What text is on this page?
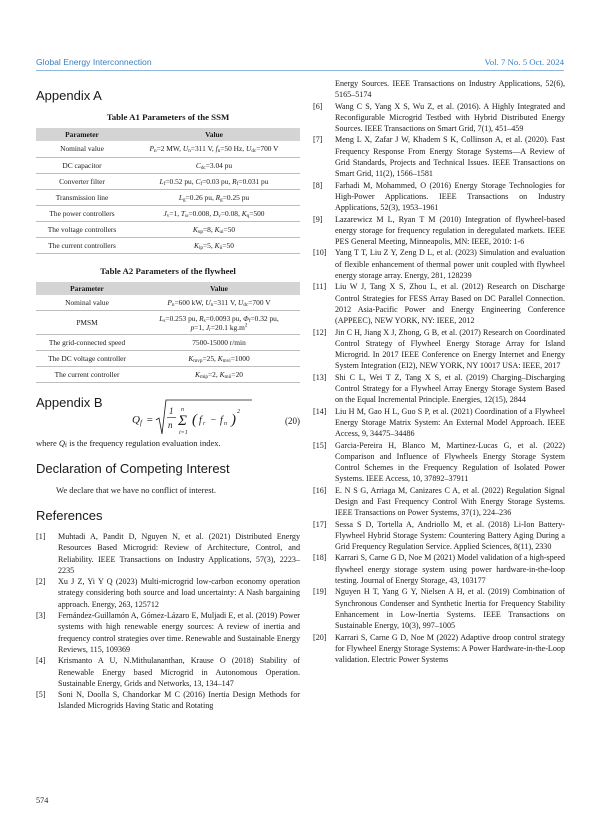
Global Energy Interconnection	Vol. 7 No. 5 Oct. 2024
Appendix A
Table A1 Parameters of the SSM
Parameter	Value
Nominal value	$P_n=2$ MW, $U_n=311$ V, $f_n=50$ Hz, $U_{dc}=700$ V
DC capacitor	$C_{dc}=3.04$ pu
Converter filter	$L_f=0.52$ pu, $C_f=0.03$ pu, $R_f=0.031$ pu
Transmission line	$L_g=0.26$ pu, $R_g=0.25$ pu
The power controllers	$J_v=1$, $T_\omega=0.008$, $D_v=0.08$, $K_q=500$
The voltage controllers	$K_{up}=8$, $K_{ui}=50$
The current controllers	$K_{ip}=5$, $K_{ii}=50$
Table A2 Parameters of the flywheel
Parameter	Value
Nominal value	$P_n=600$ kW, $U_n=311$ V, $U_{dc}=700$ V
PMSM	$L_s=0.253$ pu, $R_s=0.0093$ pu, $\Phi_f=0.32$ pu,
p=1, $J_r=20.1$ $kg.m^2$
The grid-connected speed	7500-15000 r/min
The DC voltage controller	$K_{mvp}=25$, $K_{mvi}=1000$
The current controller	$K_{mip}=2$, $K_{mii}=20$
Appendix B
Q f =
1
n Σ
n
i=1
( f r − f n ) 2
(20)
where $Q_f$ is the frequency regulation evaluation index.
Declaration of Competing Interest
We declare that we have no conflict of interest.
References
[1] Muhtadi A, Pandit D, Nguyen N, et al. (2021) Distributed Energy Resources Based Microgrid: Review of Architecture, Control, and Reliability. IEEE Transactions on Industry Applications, 57(3), 2223–2235
[2] Xu J Z, Yi Y Q (2023) Multi-microgrid low-carbon economy operation strategy considering both source and load uncertainty: A Nash bargaining approach. Energy, 263, 125712
[3] Fernández-Guillamón A, Gómez-Lázaro E, Muljadi E, et al. (2019) Power systems with high renewable energy sources: A review of inertia and frequency control strategies over time. Renewable and Sustainable Energy Reviews, 115, 109369
[4] Krismanto A U, N.Mithulananthan, Krause O (2018) Stability of Renewable Energy based Microgrid in Autonomous Operation. Sustainable Energy, Grids and Networks, 13, 134–147
[5] Soni N, Doolla S, Chandorkar M C (2016) Inertia Design Methods for Islanded Microgrids Having Static and Rotating
Energy Sources. IEEE Transactions on Industry Applications, 52(6), 5165–5174
[6] Wang C S, Yang X S, Wu Z, et al. (2016). A Highly Integrated and Reconfigurable Microgrid Testbed with Hybrid Distributed Energy Sources. IEEE Transactions on Smart Grid, 7(1), 451–459
[7] Meng L X, Zafar J W, Khadem S K, Collinson A, et al. (2020). Fast Frequency Response From Energy Storage Systems—A Review of Grid Standards, Projects and Technical Issues. IEEE Transactions on Smart Grid, 11(2), 1566–1581
[8] Farhadi M, Mohammed, O (2016) Energy Storage Technologies for High-Power Applications. IEEE Transactions on Industry Applications, 52(3), 1953–1961
[9] Lazarewicz M L, Ryan T M (2010) Integration of flywheel-based energy storage for frequency regulation in deregulated markets. IEEE PES General Meeting, Minneapolis, MN: IEEE, 2010: 1-6
[10] Yang T T, Liu Z Y, Zeng D L, et al. (2023) Simulation and evaluation of flexible enhancement of thermal power unit coupled with flywheel energy storage array. Energy, 281, 128239
[11] Liu W J, Tang X S, Zhou L, et al. (2012) Research on Discharge Control Strategies for FESS Array Based on DC Parallel Connection. 2012 Asia-Pacific Power and Energy Engineering Conference (APPEEC), NEW YORK, NY: IEEE, 2012
[12] Jin C H, Jiang X J, Zhong, G B, et al. (2017) Research on Coordinated Control Strategy of Flywheel Energy Storage Array for Island Microgrid. In 2017 IEEE Conference on Energy Internet and Energy System Integration (EI2), NEW YORK, NY 10017 USA: IEEE, 2017
[13] Shi C L, Wei T Z, Tang X S, et al. (2019) Charging–Discharging Control Strategy for a Flywheel Array Energy Storage System Based on the Equal Incremental Principle. Energies, 12(15), 2844
[14] Liu H M, Gao H L, Guo S P, et al. (2021) Coordination of a Flywheel Energy Storage Matrix System: An External Model Approach. IEEE Access, 9, 34475–34486
[15] Garcia-Pereira H, Blanco M, Martinez-Lucas G, et al. (2022) Comparison and Influence of Flywheels Energy Storage System Control Schemes in the Frequency Regulation of Isolated Power Systems. IEEE Access, 10, 37892–37911
[16] E. N S G, Arriaga M, Canizares C A, et al. (2022) Regulation Signal Design and Fast Frequency Control With Energy Storage Systems. IEEE Transactions on Power Systems, 37(1), 224–236
[17] Sessa S D, Tortella A, Andriollo M, et al. (2018) Li-Ion Battery-Flywheel Hybrid Storage System: Countering Battery Aging During a Grid Frequency Regulation Service. Applied Sciences, 8(11), 2330
[18] Karrari S, Carne G D, Noe M (2021) Model validation of a high-speed flywheel energy storage system using power hardware-in-the-loop testing. Journal of Energy Storage, 43, 103177
[19] Nguyen H T, Yang G Y, Nielsen A H, et al. (2019) Combination of Synchronous Condenser and Synthetic Inertia for Frequency Stability Enhancement in Low-Inertia Systems. IEEE Transactions on Sustainable Energy, 10(3), 997–1005
[20] Karrari S, Carne G D, Noe M (2022) Adaptive droop control strategy for Flywheel Energy Storage Systems: A Power Hardware-in-the-Loop validation. Electric Power Systems
574
